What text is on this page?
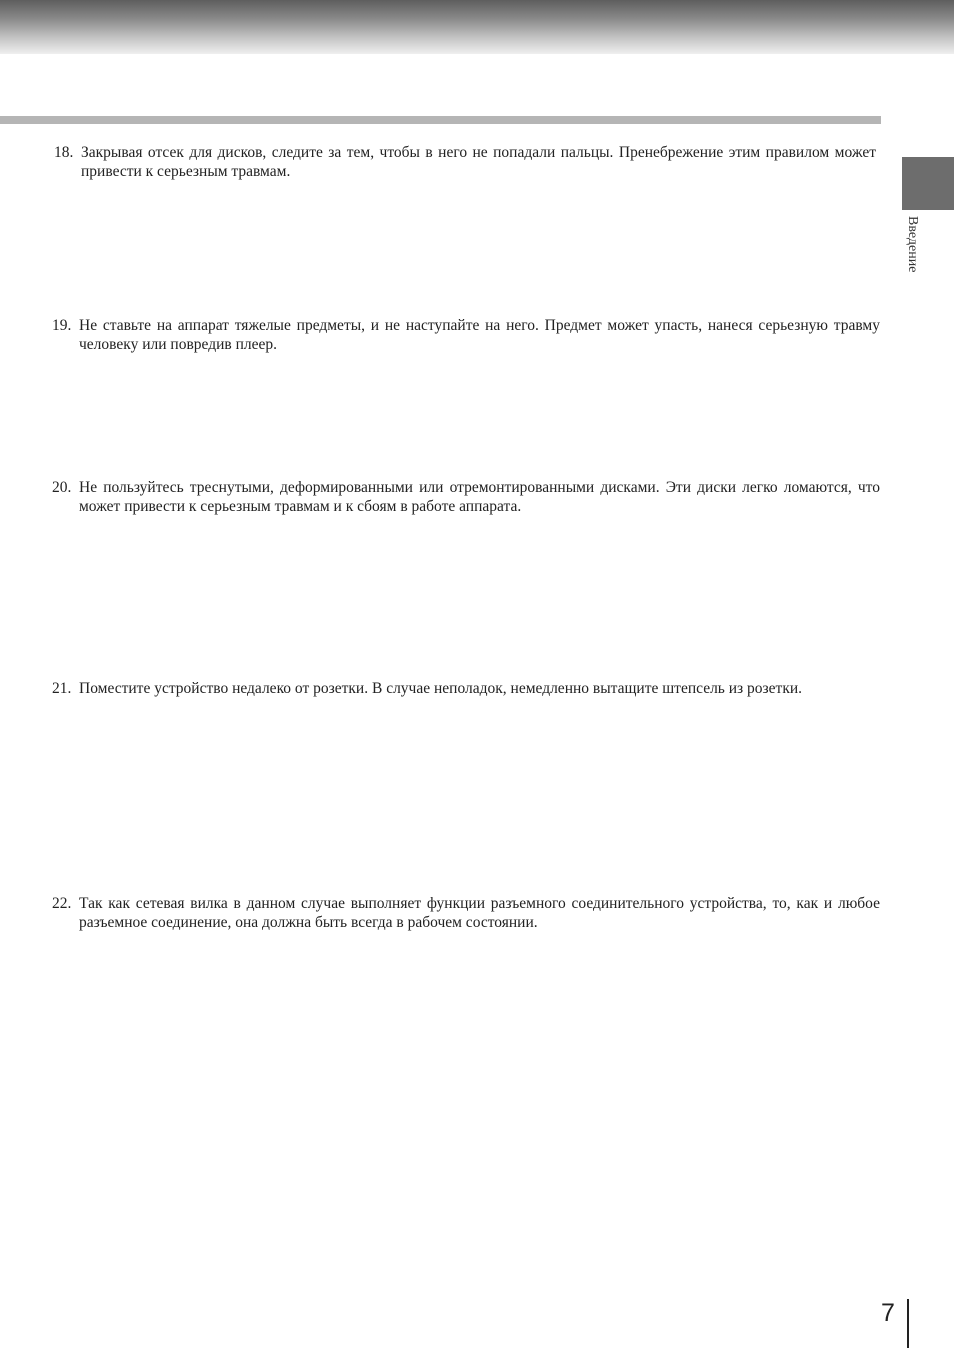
Введение
18. Закрывая отсек для дисков, следите за тем, чтобы в него не попадали пальцы. Пренебрежение этим правилом может привести к серьезным травмам.
19. Не ставьте на аппарат тяжелые предметы, и не наступайте на него. Предмет может упасть, нанеся серьезную травму человеку или повредив плеер.
20. Не пользуйтесь треснутыми, деформированными или отремонтированными дисками. Эти диски легко ломаются, что может привести к серьезным травмам и к сбоям в работе аппарата.
21. Поместите устройство недалеко от розетки. В случае неполадок, немедленно вытащите штепсель из розетки.
22. Так как сетевая вилка в данном случае выполняет функции разъемного соединительного устройства, то, как и любое разъемное соединение, она должна быть всегда в рабочем состоянии.
7
